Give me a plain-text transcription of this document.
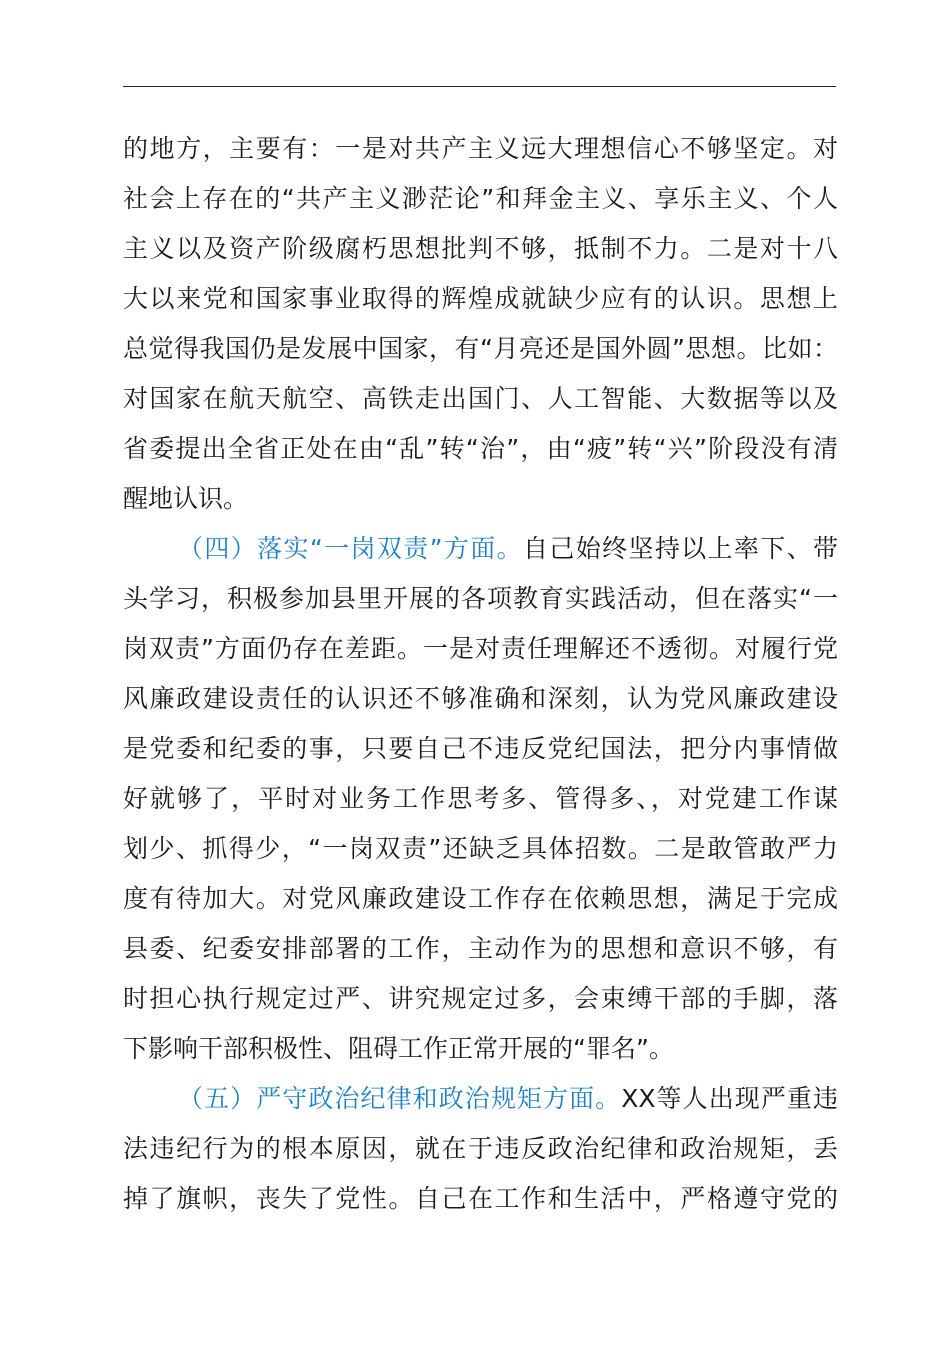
的地方，主要有：一是对共产主义远大理想信心不够坚定。对
社会上存在的“共产主义渺茫论”和拜金主义、享乐主义、个人
主义以及资产阶级腐朽思想批判不够，抵制不力。二是对十八
大以来党和国家事业取得的辉煌成就缺少应有的认识。思想上
总觉得我国仍是发展中国家，有“月亮还是国外圆”思想。比如：
对国家在航天航空、高铁走出国门、人工智能、大数据等以及
省委提出全省正处在由“乱”转“治”，由“疲”转“兴”阶段没有清
醒地认识。
（四）落实“一岗双责”方面。自己始终坚持以上率下、带
头学习，积极参加县里开展的各项教育实践活动，但在落实“一
岗双责”方面仍存在差距。一是对责任理解还不透彻。对履行党
风廉政建设责任的认识还不够准确和深刻，认为党风廉政建设
是党委和纪委的事，只要自己不违反党纪国法，把分内事情做
好就够了，平时对业务工作思考多、管得多、，对党建工作谋
划少、抓得少，“一岗双责”还缺乏具体招数。二是敢管敢严力
度有待加大。对党风廉政建设工作存在依赖思想，满足于完成
县委、纪委安排部署的工作，主动作为的思想和意识不够，有
时担心执行规定过严、讲究规定过多，会束缚干部的手脚，落
下影响干部积极性、阻碍工作正常开展的“罪名”。
（五）严守政治纪律和政治规矩方面。XX等人出现严重违
法违纪行为的根本原因，就在于违反政治纪律和政治规矩，丢
掉了旗帜，丧失了党性。自己在工作和生活中，严格遵守党的
